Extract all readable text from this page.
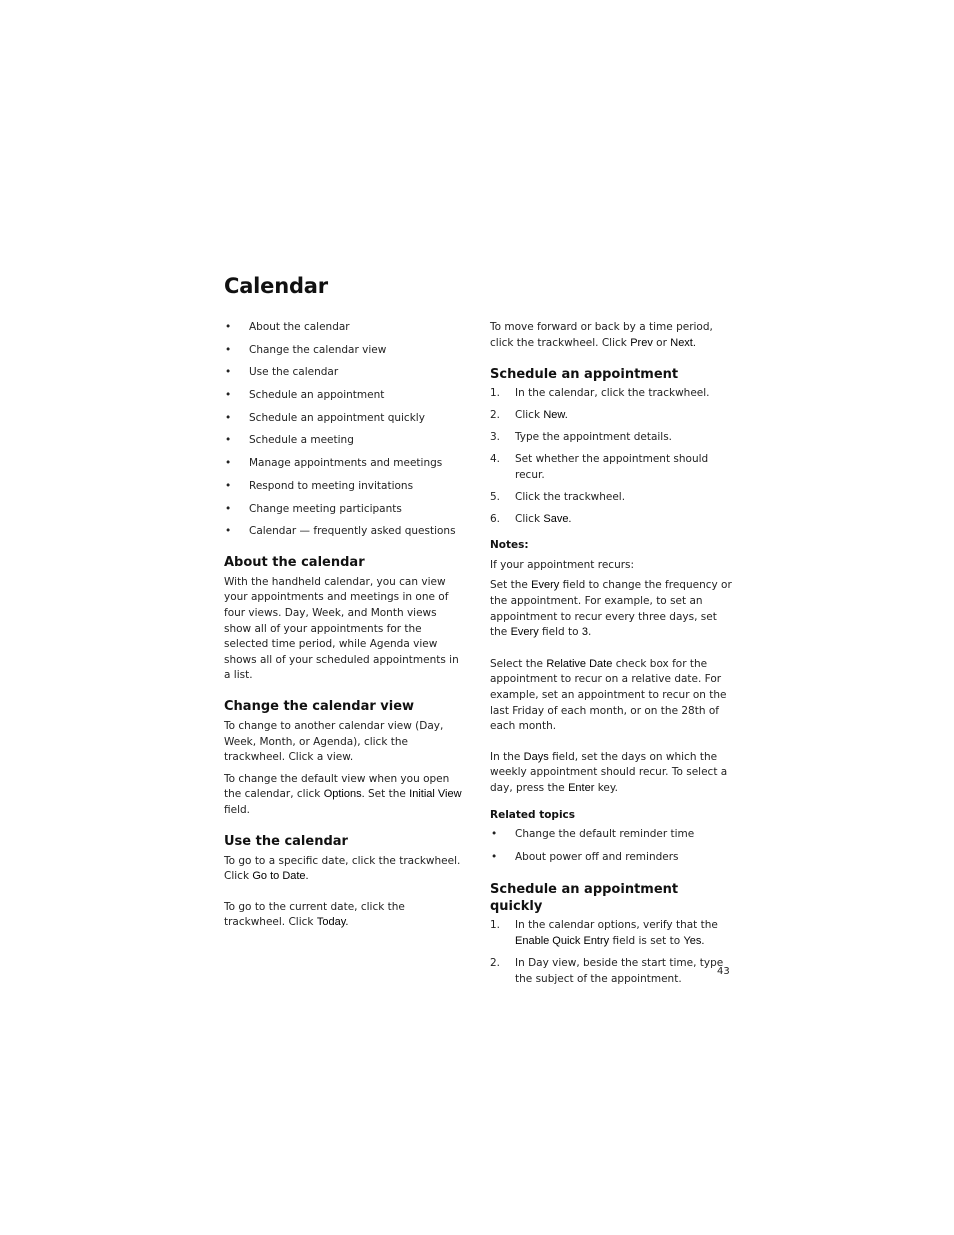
Calendar
• About the calendar
• Change the calendar view
• Use the calendar
• Schedule an appointment
• Schedule an appointment quickly
• Schedule a meeting
• Manage appointments and meetings
• Respond to meeting invitations
• Change meeting participants
• Calendar — frequently asked questions
About the calendar

With the handheld calendar, you can view your appointments and meetings in one of four views. Day, Week, and Month views show all of your appointments for the selected time period, while Agenda view shows all of your scheduled appointments in a list.

Change the calendar view

To change to another calendar view (Day, Week, Month, or Agenda), click the trackwheel. Click a view.

To change the default view when you open the calendar, click Options. Set the Initial View field.

Use the calendar

To go to a specific date, click the trackwheel. Click Go to Date.

To go to the current date, click the trackwheel. Click Today.

To move forward or back by a time period, click the trackwheel. Click Prev or Next.

Schedule an appointment
1. In the calendar, click the trackwheel.
2. Click New.
3. Type the appointment details.
4. Set whether the appointment should recur.
5. Click the trackwheel.
6. Click Save.
Notes:

If your appointment recurs:

Set the Every field to change the frequency or the appointment. For example, to set an appointment to recur every three days, set the Every field to 3.

Select the Relative Date check box for the appointment to recur on a relative date. For example, set an appointment to recur on the last Friday of each month, or on the 28th of each month.

In the Days field, set the days on which the weekly appointment should recur. To select a day, press the Enter key.

Related topics
• Change the default reminder time
• About power off and reminders
Schedule an appointment quickly
1. In the calendar options, verify that the Enable Quick Entry field is set to Yes.
2. In Day view, beside the start time, type the subject of the appointment.
43
